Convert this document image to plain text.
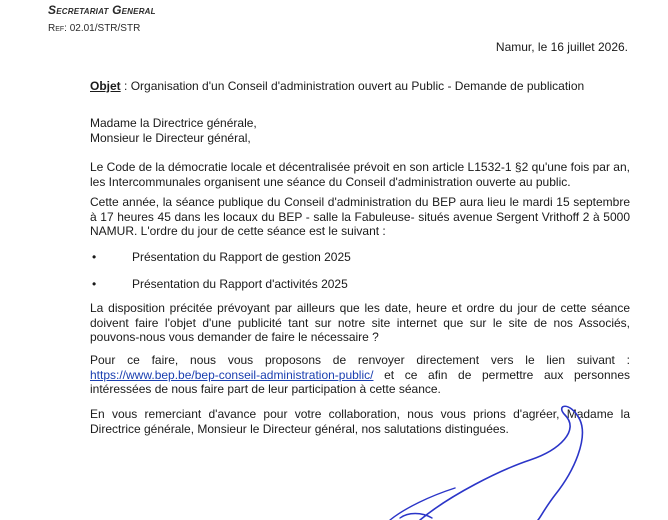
Secretariat General
Ref: 02.01/STR/STR
Namur, le 16 juillet 2026.
Objet : Organisation d'un Conseil d'administration ouvert au Public - Demande de publication
Madame la Directrice générale,
Monsieur le Directeur général,
Le Code de la démocratie locale et décentralisée prévoit en son article L1532-1 §2 qu'une fois par an, les Intercommunales organisent une séance du Conseil d'administration ouverte au public.
Cette année, la séance publique du Conseil d'administration du BEP aura lieu le mardi 15 septembre à 17 heures 45 dans les locaux du BEP - salle la Fabuleuse- situés avenue Sergent Vrithoff 2 à 5000 NAMUR. L'ordre du jour de cette séance est le suivant :
•	Présentation du Rapport de gestion 2025
•	Présentation du Rapport d'activités 2025
La disposition précitée prévoyant par ailleurs que les date, heure et ordre du jour de cette séance doivent faire l'objet d'une publicité tant sur notre site internet que sur le site de nos Associés, pouvons-nous vous demander de faire le nécessaire ?
Pour ce faire, nous vous proposons de renvoyer directement vers le lien suivant : https://www.bep.be/bep-conseil-administration-public/ et ce afin de permettre aux personnes intéressées de nous faire part de leur participation à cette séance.
En vous remerciant d'avance pour votre collaboration, nous vous prions d'agréer, Madame la Directrice générale, Monsieur le Directeur général, nos salutations distinguées.
